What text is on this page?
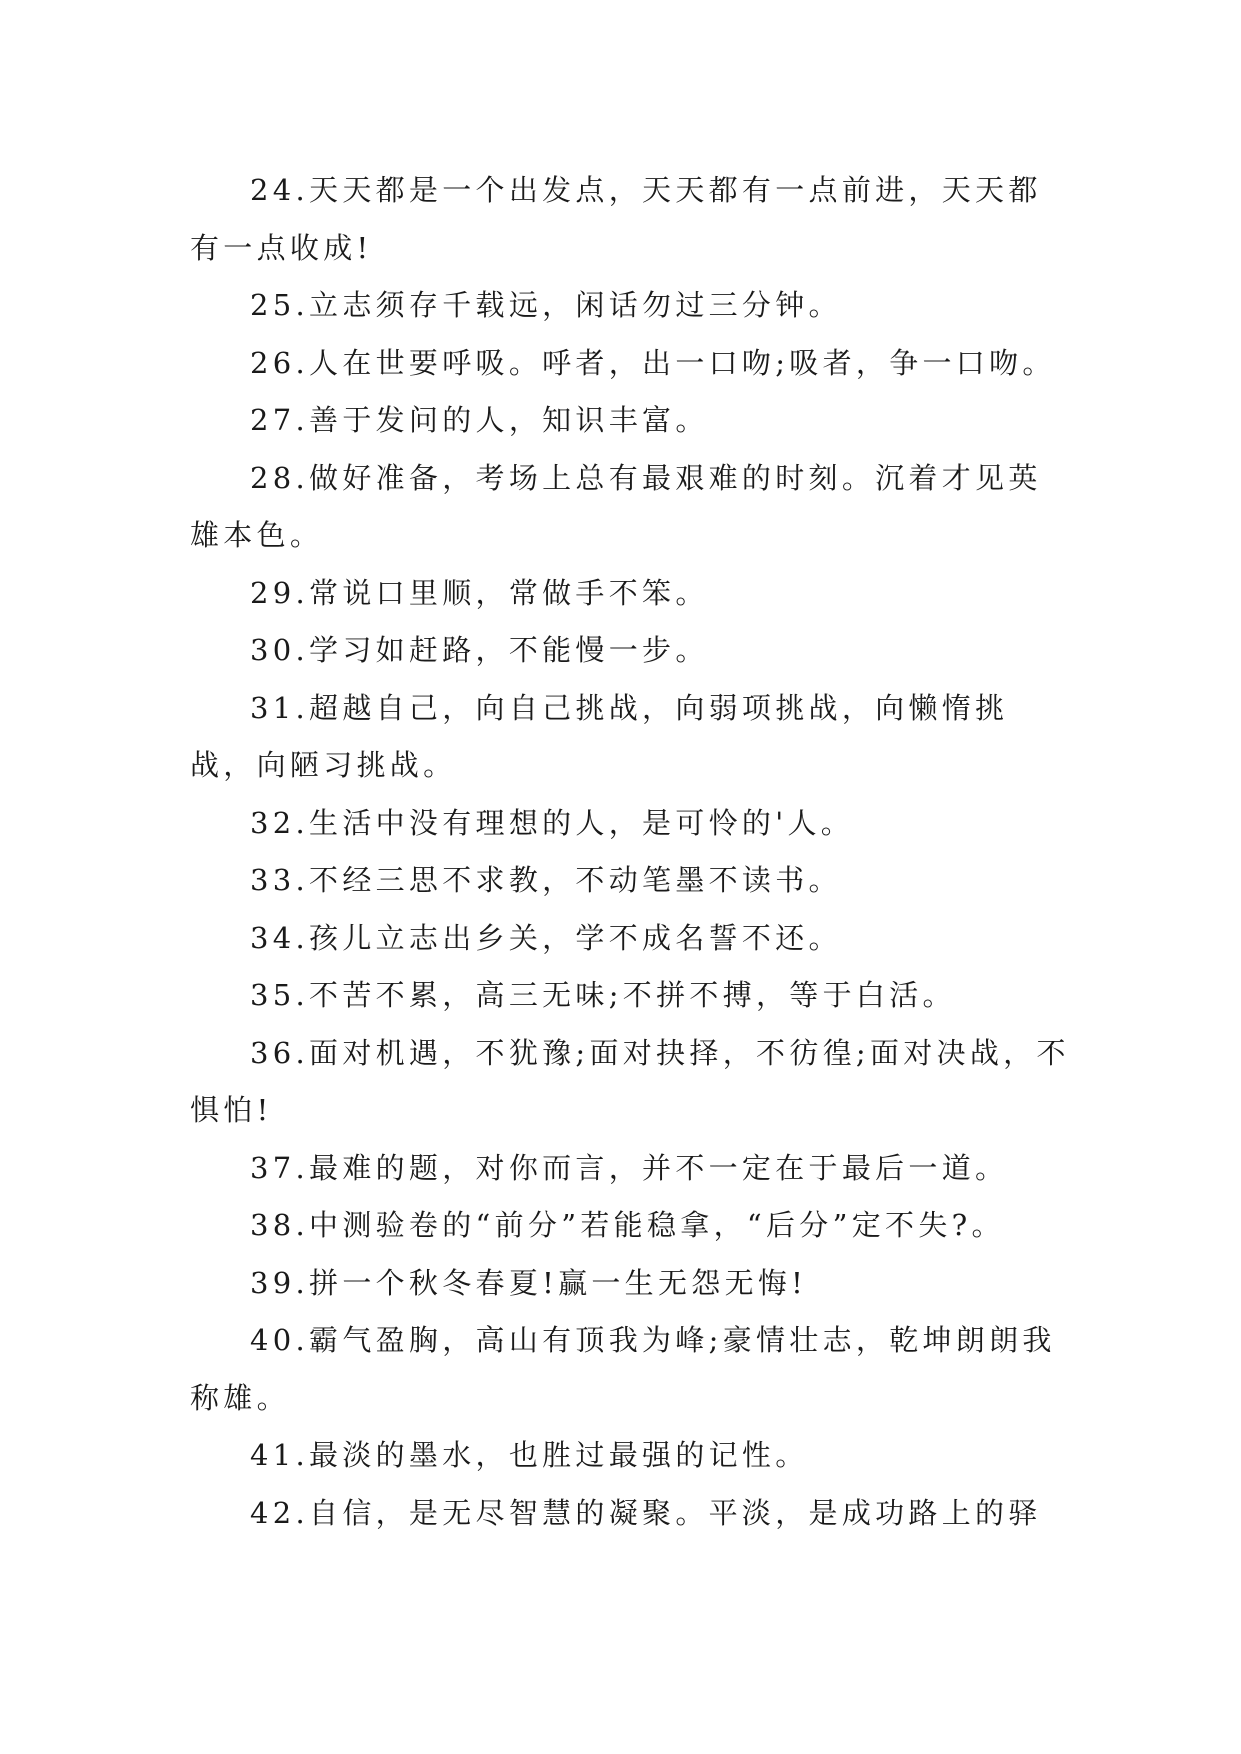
24.天天都是一个出发点，天天都有一点前进，天天都有一点收成!

25.立志须存千载远，闲话勿过三分钟。

26.人在世要呼吸。呼者，出一口吻;吸者，争一口吻。

27.善于发问的人，知识丰富。

28.做好准备，考场上总有最艰难的时刻。沉着才见英雄本色。

29.常说口里顺，常做手不笨。

30.学习如赶路，不能慢一步。

31.超越自己，向自己挑战，向弱项挑战，向懒惰挑战，向陋习挑战。

32.生活中没有理想的人，是可怜的'人。

33.不经三思不求教，不动笔墨不读书。

34.孩儿立志出乡关，学不成名誓不还。

35.不苦不累，高三无味;不拼不搏，等于白活。

36.面对机遇，不犹豫;面对抉择，不彷徨;面对决战，不惧怕!

37.最难的题，对你而言，并不一定在于最后一道。

38.中测验卷的“前分”若能稳拿，“后分”定不失?。

39.拼一个秋冬春夏!赢一生无怨无悔!

40.霸气盈胸，高山有顶我为峰;豪情壮志，乾坤朗朗我称雄。

41.最淡的墨水，也胜过最强的记性。

42.自信，是无尽智慧的凝聚。平淡，是成功路上的驿
